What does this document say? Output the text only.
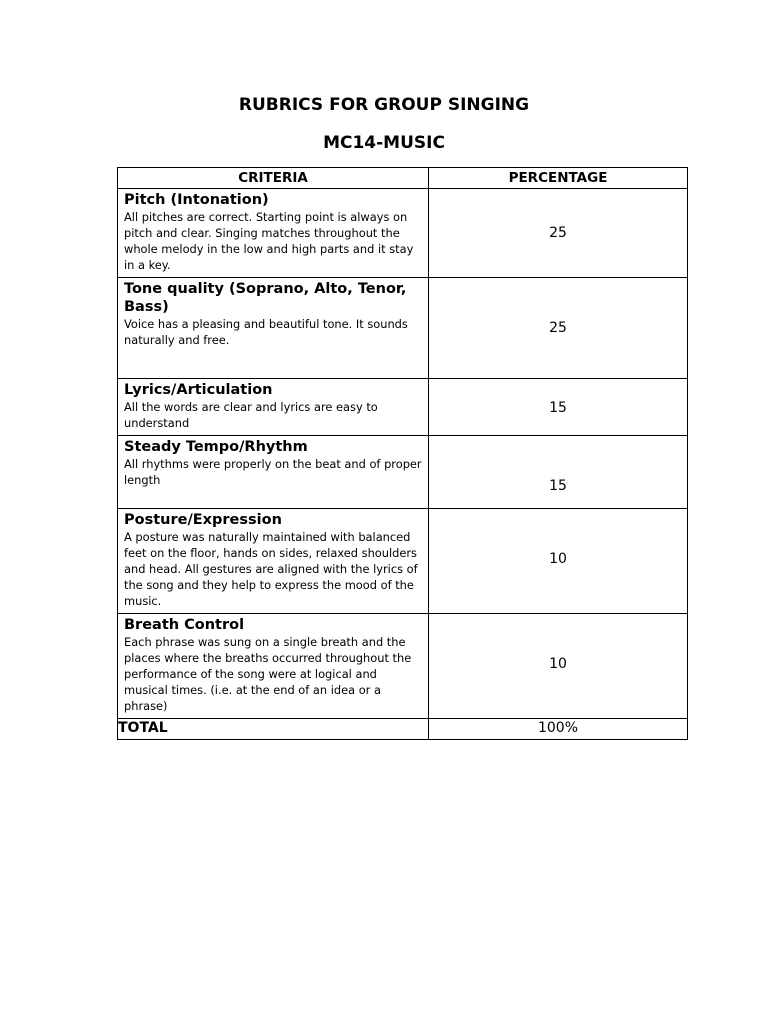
RUBRICS FOR GROUP SINGING
MC14-MUSIC
CRITERIA	PERCENTAGE

Pitch (Intonation)
All pitches are correct. Starting point is always on pitch and clear. Singing matches throughout the whole melody in the low and high parts and it stay in a key.	25

Tone quality (Soprano, Alto, Tenor, Bass)
Voice has a pleasing and beautiful tone. It sounds naturally and free.	25

Lyrics/Articulation
All the words are clear and lyrics are easy to understand	15

Steady Tempo/Rhythm
All rhythms were properly on the beat and of proper length	15

Posture/Expression
A posture was naturally maintained with balanced feet on the floor, hands on sides, relaxed shoulders and head. All gestures are aligned with the lyrics of the song and they help to express the mood of the music.	10

Breath Control
Each phrase was sung on a single breath and the places where the breaths occurred throughout the performance of the song were at logical and musical times. (i.e. at the end of an idea or a phrase)	10

TOTAL	100%
